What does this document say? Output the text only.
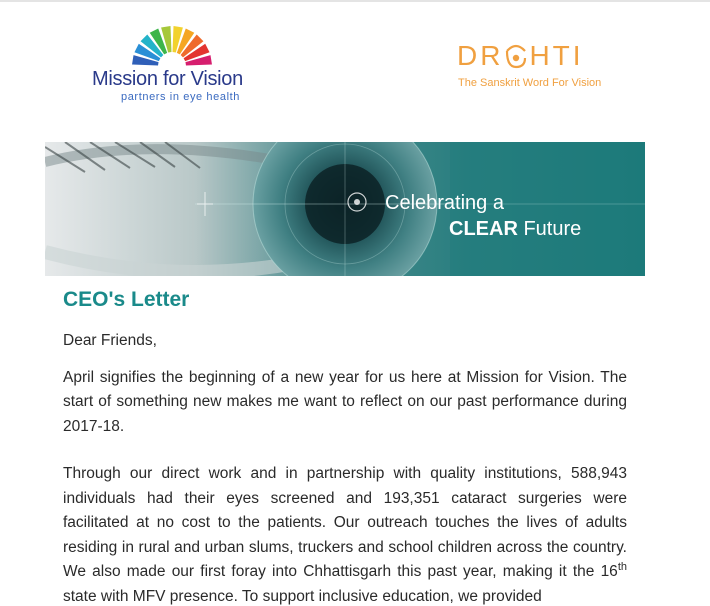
Mission for Vision
partners in eye health
DR HTI
The Sanskrit Word For Vision
Celebrating a
CLEAR Future
CEO's Letter

Dear Friends,

April signifies the beginning of a new year for us here at Mission for Vision. The start of something new makes me want to reflect on our past performance during 2017-18.

Through our direct work and in partnership with quality institutions, 588,943 individuals had their eyes screened and 193,351 cataract surgeries were facilitated at no cost to the patients. Our outreach touches the lives of adults residing in rural and urban slums, truckers and school children across the country. We also made our first foray into Chhattisgarh this past year, making it the 16th state with MFV presence. To support inclusive education, we provided
